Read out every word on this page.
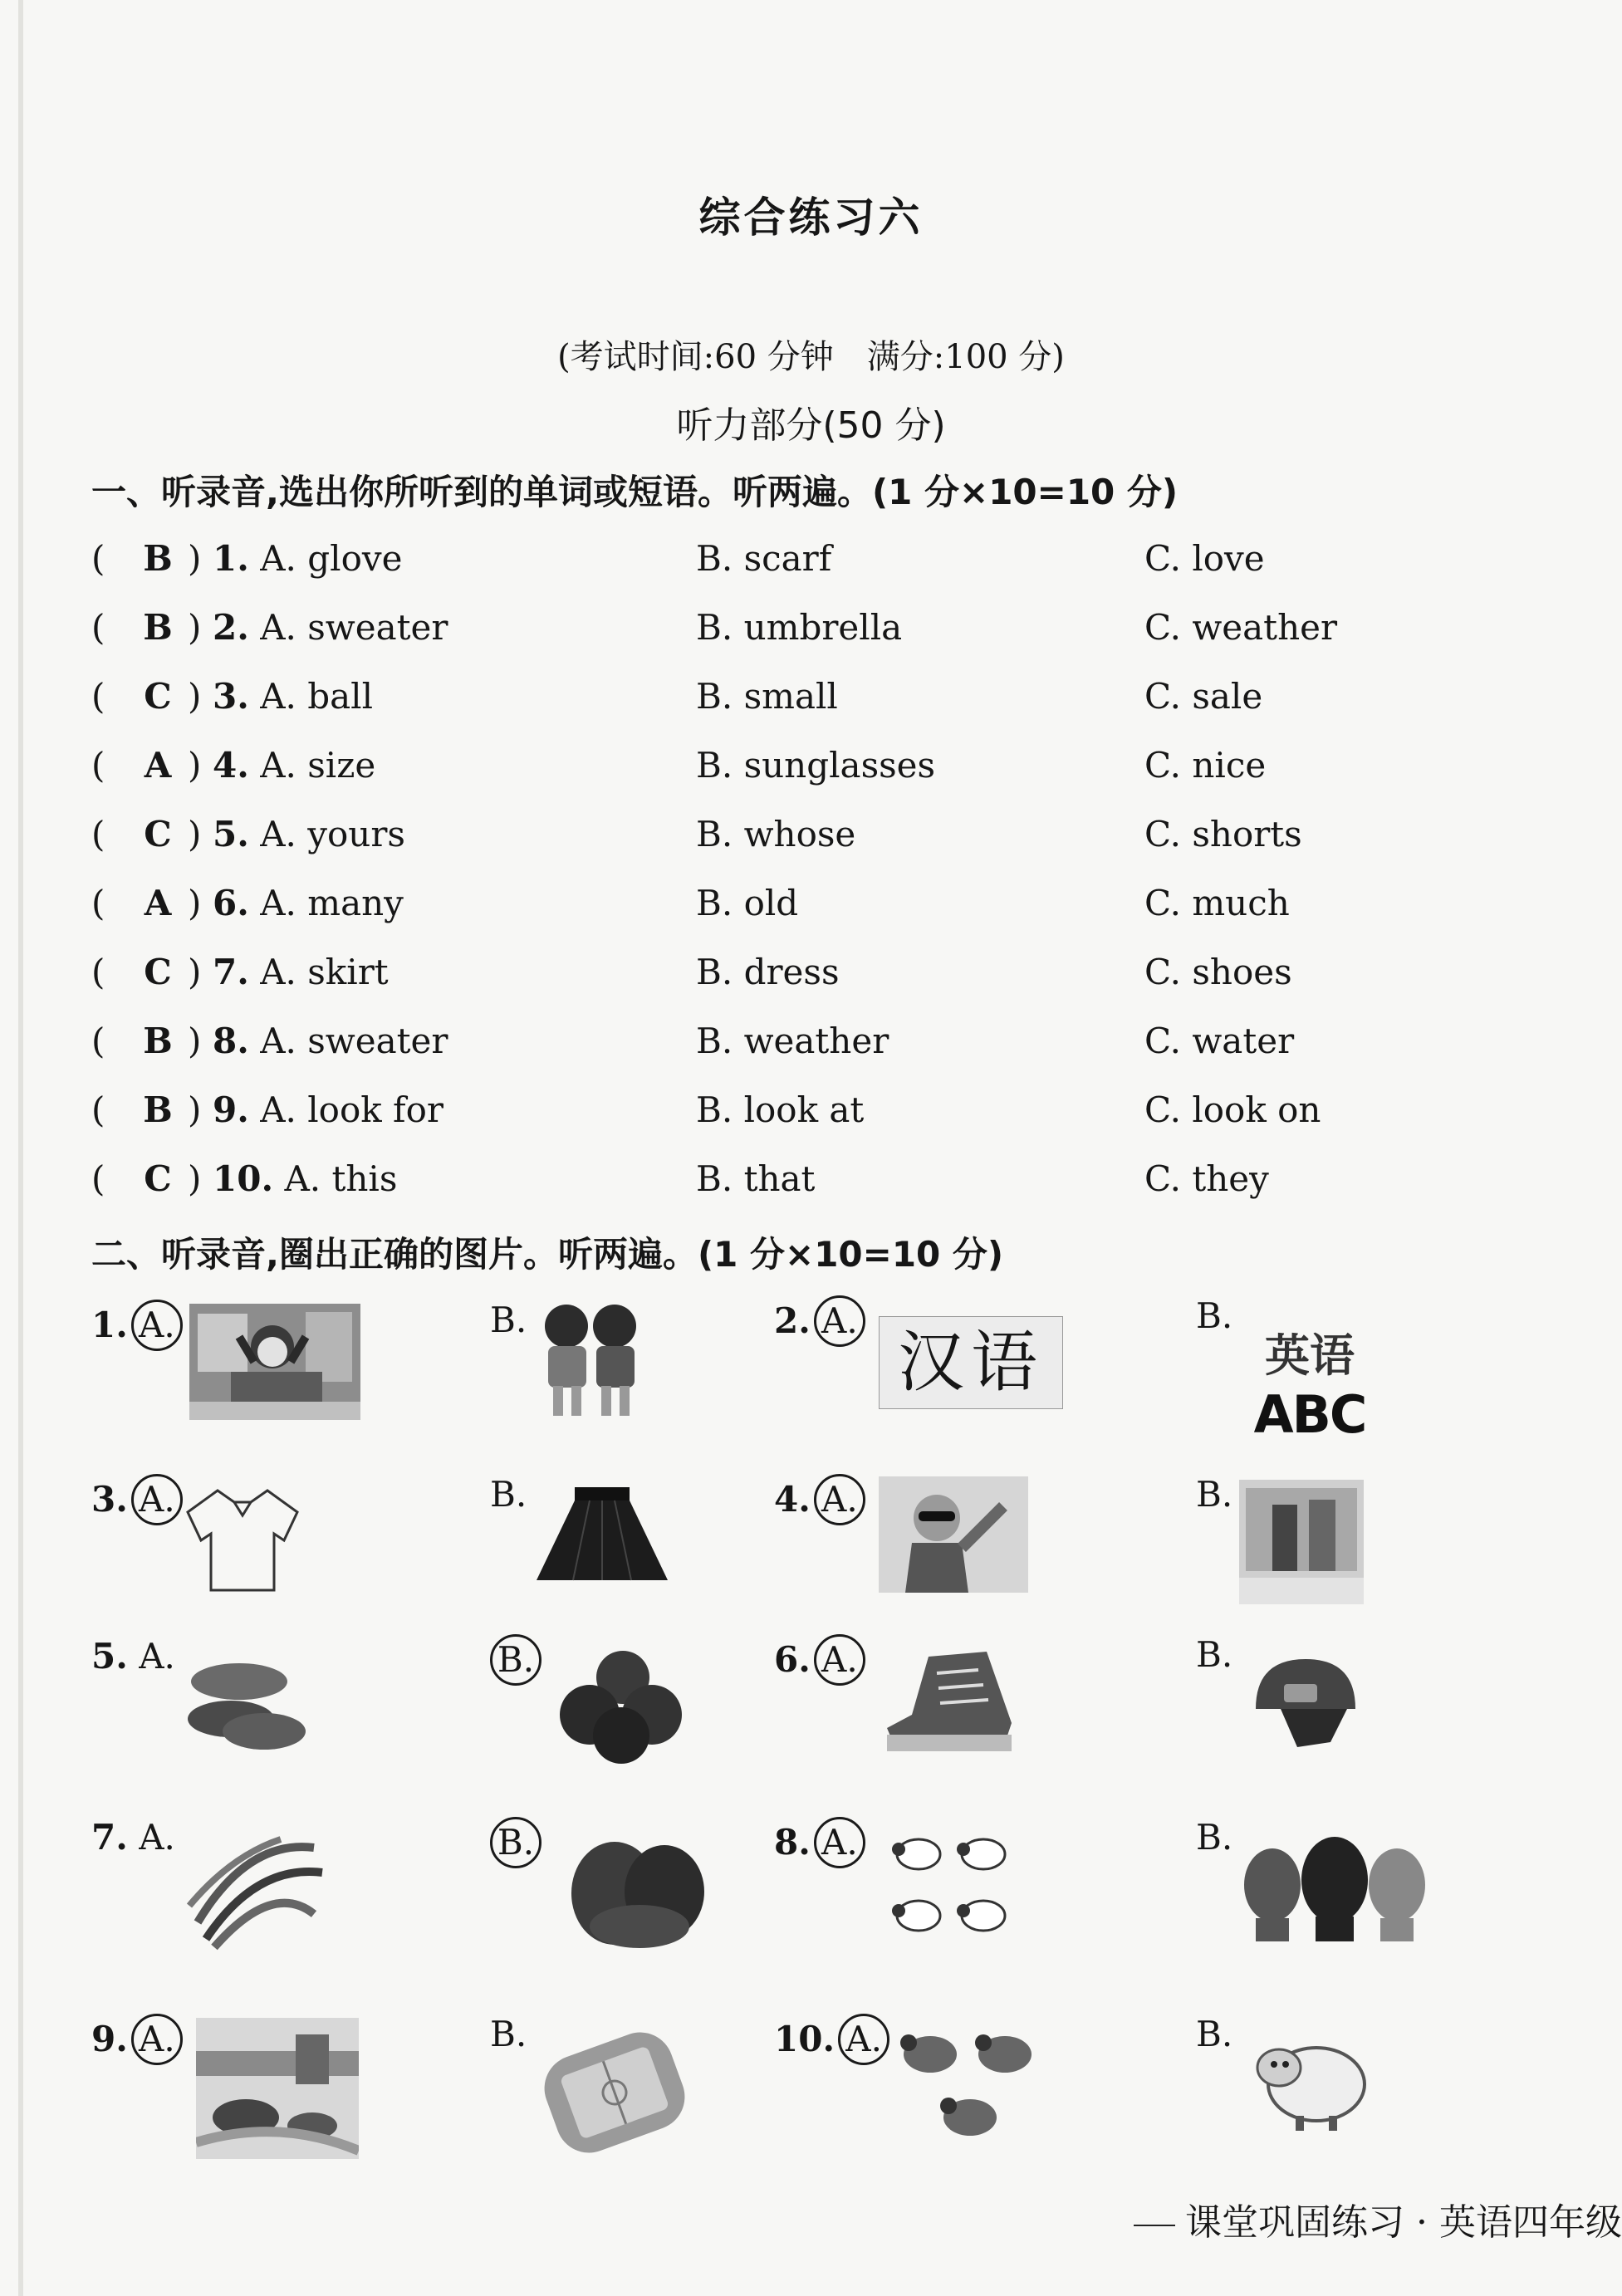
综合练习六
(考试时间:60 分钟　满分:100 分)
听力部分(50 分)
一、听录音,选出你所听到的单词或短语。听两遍。(1 分×10=10 分)
( B ) 1. A. glove	B. scarf	C. love
( B ) 2. A. sweater	B. umbrella	C. weather
(	C ) 3. A. ball	B. small	C. sale
(	A ) 4. A. size	B. sunglasses	C. nice
(	C ) 5. A. yours	B. whose	C. shorts
(	A ) 6. A. many	B. old	C. much
(	C ) 7. A. skirt	B. dress	C. shoes
( B ) 8. A. sweater	B. weather	C. water
( B ) 9. A. look for	B. look at	C. look on
(	C ) 10. A. this	B. that	C. they
二、听录音,圈出正确的图片。听两遍。(1 分×10=10 分)
1. A.	B.	2. A.
汉语
B.
英语
ABC
3. A.	B.	4. A.	B.
5. A.	B.	6. A.	B.
7. A.	B.	8. A.	B.
9. A.	B.	10. A.	B.
课堂巩固练习 · 英语四年级
